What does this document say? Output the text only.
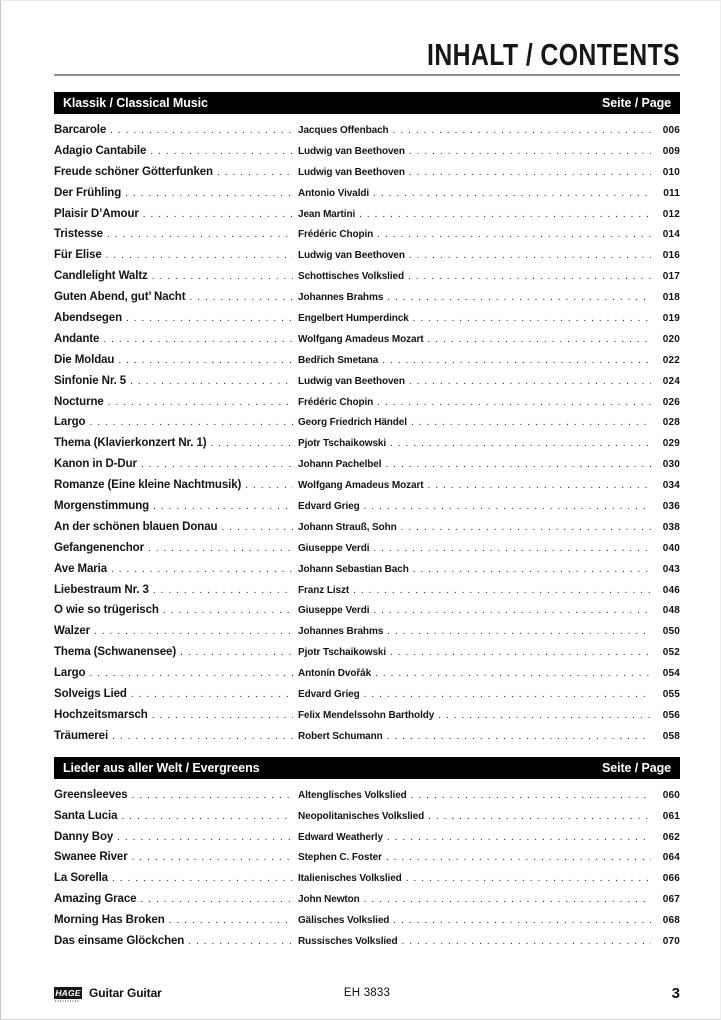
INHALT / CONTENTS
Klassik / Classical Music	Seite / Page
Barcarole . . .	Jacques Offenbach . . .	006
Adagio Cantabile . . .	Ludwig van Beethoven . . .	009
Freude schöner Götterfunken . . .	Ludwig van Beethoven . . .	010
Der Frühling . . .	Antonio Vivaldi . . .	011
Plaisir D’Amour . . .	Jean Martini . . .	012
Tristesse . . .	Frédéric Chopin . . .	014
Für Elise . . .	Ludwig van Beethoven . . .	016
Candlelight Waltz . . .	Schottisches Volkslied . . .	017
Guten Abend, gut’ Nacht . . .	Johannes Brahms . . .	018
Abendsegen . . .	Engelbert Humperdinck . . .	019
Andante . . .	Wolfgang Amadeus Mozart . . .	020
Die Moldau . . .	Bedřich Smetana . . .	022
Sinfonie Nr. 5 . . .	Ludwig van Beethoven . . .	024
Nocturne . . .	Frédéric Chopin . . .	026
Largo . . .	Georg Friedrich Händel . . .	028
Thema (Klavierkonzert Nr. 1) . . .	Pjotr Tschaikowski . . .	029
Kanon in D-Dur . . .	Johann Pachelbel . . .	030
Romanze (Eine kleine Nachtmusik) . . .	Wolfgang Amadeus Mozart . . .	034
Morgenstimmung . . .	Edvard Grieg . . .	036
An der schönen blauen Donau . . .	Johann Strauß, Sohn . . .	038
Gefangenenchor . . .	Giuseppe Verdi . . .	040
Ave Maria . . .	Johann Sebastian Bach . . .	043
Liebestraum Nr. 3 . . .	Franz Liszt . . .	046
O wie so trügerisch . . .	Giuseppe Verdi . . .	048
Walzer . . .	Johannes Brahms . . .	050
Thema (Schwanensee) . . .	Pjotr Tschaikowski . . .	052
Largo . . .	Antonín Dvořák . . .	054
Solveigs Lied . . .	Edvard Grieg . . .	055
Hochzeitsmarsch . . .	Felix Mendelssohn Bartholdy . . .	056
Träumerei . . .	Robert Schumann . . .	058
Lieder aus aller Welt / Evergreens	Seite / Page
Greensleeves . . .	Altenglisches Volkslied . . .	060
Santa Lucia . . .	Neopolitanisches Volkslied . . .	061
Danny Boy . . .	Edward Weatherly . . .	062
Swanee River . . .	Stephen C. Foster . . .	064
La Sorella . . .	Italienisches Volkslied . . .	066
Amazing Grace . . .	John Newton . . .	067
Morning Has Broken . . .	Gälisches Volkslied . . .	068
Das einsame Glöckchen . . .	Russisches Volkslied . . .	070
HAGE Guitar Guitar	EH 3833	3
